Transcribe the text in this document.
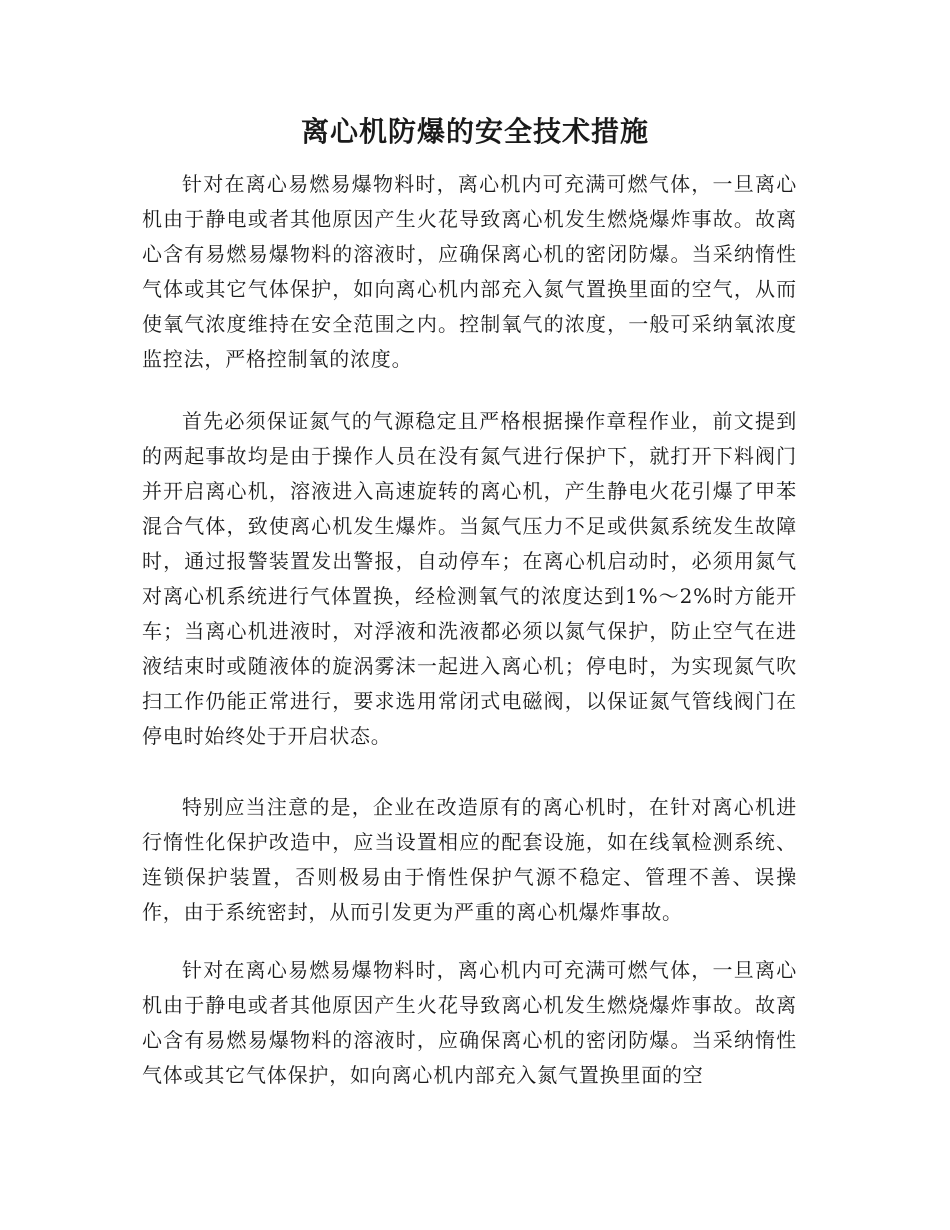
离心机防爆的安全技术措施

针对在离心易燃易爆物料时，离心机内可充满可燃气体，一旦离心机由于静电或者其他原因产生火花导致离心机发生燃烧爆炸事故。故离心含有易燃易爆物料的溶液时，应确保离心机的密闭防爆。当采纳惰性气体或其它气体保护，如向离心机内部充入氮气置换里面的空气，从而使氧气浓度维持在安全范围之内。控制氧气的浓度，一般可采纳氧浓度监控法，严格控制氧的浓度。

首先必须保证氮气的气源稳定且严格根据操作章程作业，前文提到的两起事故均是由于操作人员在没有氮气进行保护下，就打开下料阀门并开启离心机，溶液进入高速旋转的离心机，产生静电火花引爆了甲苯混合气体，致使离心机发生爆炸。当氮气压力不足或供氮系统发生故障时，通过报警装置发出警报，自动停车；在离心机启动时，必须用氮气对离心机系统进行气体置换，经检测氧气的浓度达到1%～2%时方能开车；当离心机进液时，对浮液和洗液都必须以氮气保护，防止空气在进液结束时或随液体的旋涡雾沫一起进入离心机；停电时，为实现氮气吹扫工作仍能正常进行，要求选用常闭式电磁阀，以保证氮气管线阀门在停电时始终处于开启状态。

特别应当注意的是，企业在改造原有的离心机时，在针对离心机进行惰性化保护改造中，应当设置相应的配套设施，如在线氧检测系统、连锁保护装置，否则极易由于惰性保护气源不稳定、管理不善、误操作，由于系统密封，从而引发更为严重的离心机爆炸事故。

针对在离心易燃易爆物料时，离心机内可充满可燃气体，一旦离心机由于静电或者其他原因产生火花导致离心机发生燃烧爆炸事故。故离心含有易燃易爆物料的溶液时，应确保离心机的密闭防爆。当采纳惰性气体或其它气体保护，如向离心机内部充入氮气置换里面的空
